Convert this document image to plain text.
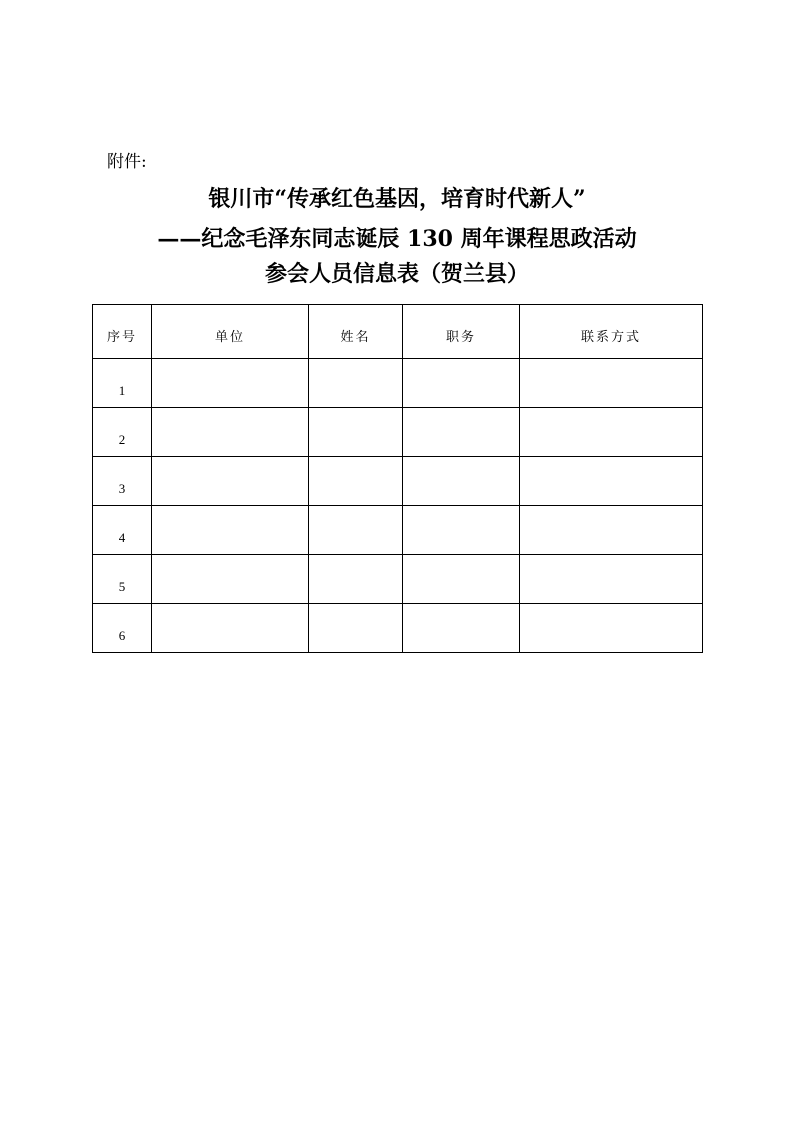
附件:
银川市“传承红色基因，培育时代新人”
——纪念毛泽东同志诞辰 130 周年课程思政活动
参会人员信息表（贺兰县）
序号	单位	姓名	职务	联系方式
1				
2				
3				
4				
5				
6				
